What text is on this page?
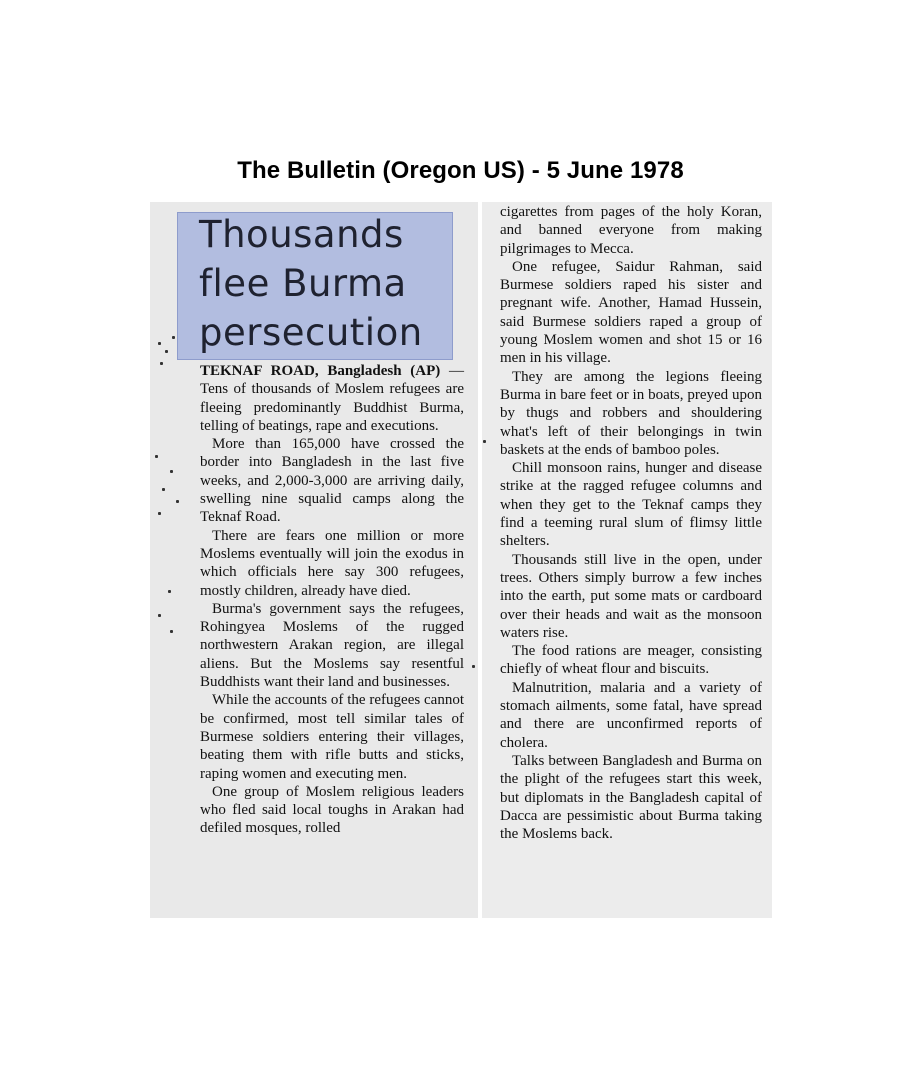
The Bulletin (Oregon US) - 5 June 1978
Thousands
flee Burma
persecution

TEKNAF ROAD, Bangladesh (AP) — Tens of thousands of Moslem refugees are fleeing predominantly Buddhist Burma, telling of beatings, rape and executions.

More than 165,000 have crossed the border into Bangladesh in the last five weeks, and 2,000-3,000 are arriving daily, swelling nine squalid camps along the Teknaf Road.

There are fears one million or more Moslems eventually will join the exodus in which officials here say 300 refugees, mostly children, already have died.

Burma's government says the refugees, Rohingyea Moslems of the rugged northwestern Arakan region, are illegal aliens. But the Moslems say resentful Buddhists want their land and businesses.

While the accounts of the refugees cannot be confirmed, most tell similar tales of Burmese soldiers entering their villages, beating them with rifle butts and sticks, raping women and executing men.

One group of Moslem religious leaders who fled said local toughs in Arakan had defiled mosques, rolled

cigarettes from pages of the holy Koran, and banned everyone from making pilgrimages to Mecca.

One refugee, Saidur Rahman, said Burmese soldiers raped his sister and pregnant wife. Another, Hamad Hussein, said Burmese soldiers raped a group of young Moslem women and shot 15 or 16 men in his village.

They are among the legions fleeing Burma in bare feet or in boats, preyed upon by thugs and robbers and shouldering what's left of their belongings in twin baskets at the ends of bamboo poles.

Chill monsoon rains, hunger and disease strike at the ragged refugee columns and when they get to the Teknaf camps they find a teeming rural slum of flimsy little shelters.

Thousands still live in the open, under trees. Others simply burrow a few inches into the earth, put some mats or cardboard over their heads and wait as the monsoon waters rise.

The food rations are meager, consisting chiefly of wheat flour and biscuits.

Malnutrition, malaria and a variety of stomach ailments, some fatal, have spread and there are unconfirmed reports of cholera.

Talks between Bangladesh and Burma on the plight of the refugees start this week, but diplomats in the Bangladesh capital of Dacca are pessimistic about Burma taking the Moslems back.
